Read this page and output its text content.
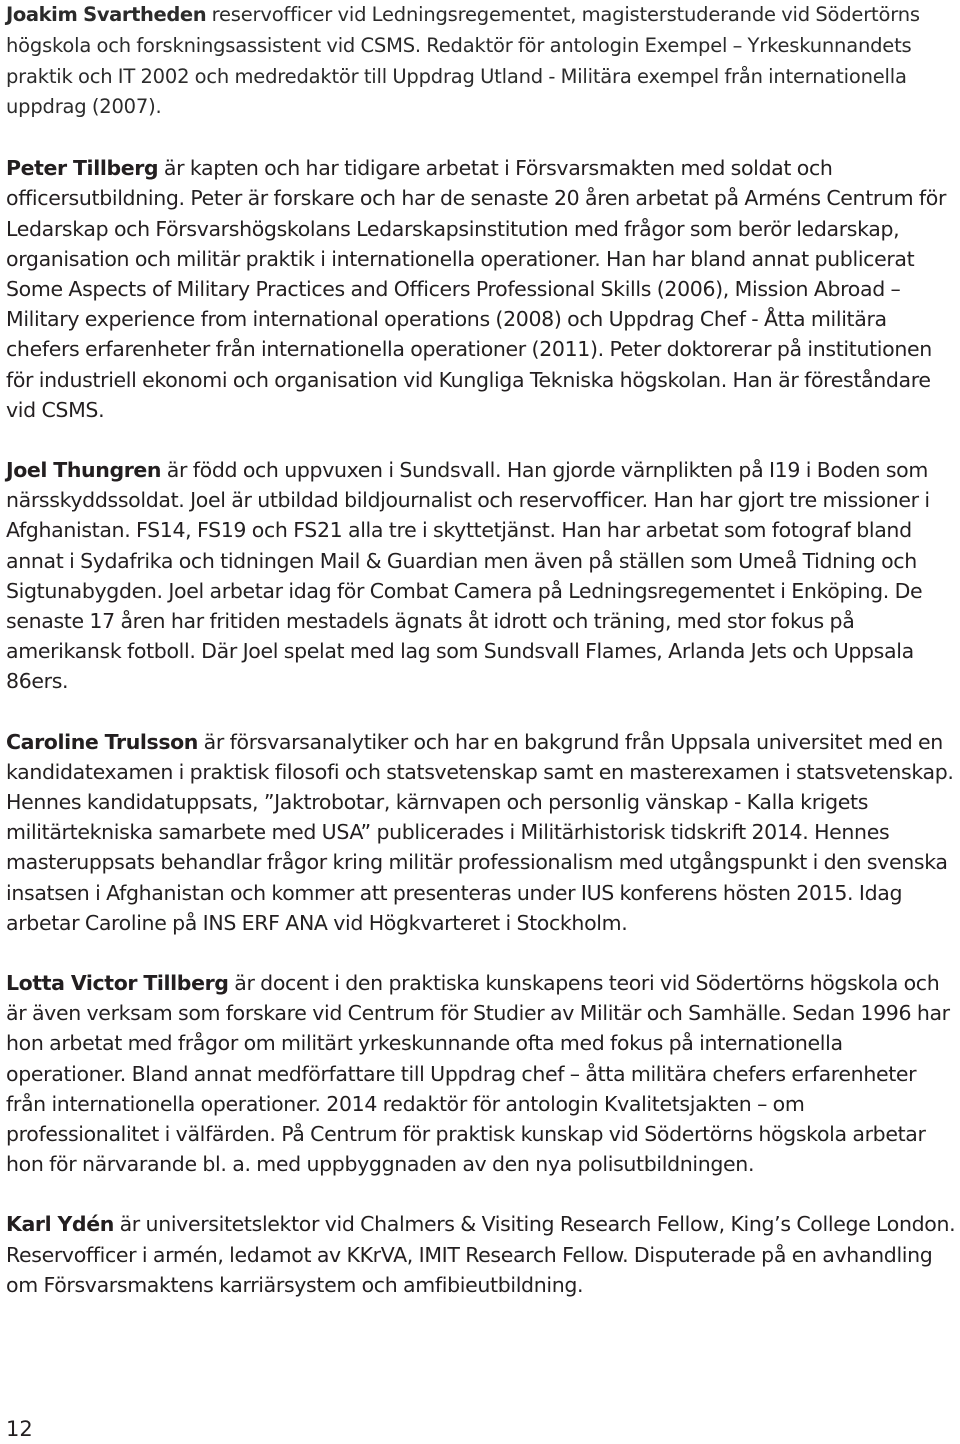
Joakim Svartheden reservofficer vid Ledningsregementet, magisterstuderande vid Södertörns högskola och forskningsassistent vid CSMS. Redaktör för antologin Exempel – Yrkeskunnandets praktik och IT 2002 och medredaktör till Uppdrag Utland - Militära exempel från internationella uppdrag (2007).

Peter Tillberg är kapten och har tidigare arbetat i Försvarsmakten med soldat och officersutbildning. Peter är forskare och har de senaste 20 åren arbetat på Arméns Centrum för Ledarskap och Försvarshögskolans Ledarskapsinstitution med frågor som berör ledarskap, organisation och militär praktik i internationella operationer. Han har bland annat publicerat Some Aspects of Military Practices and Officers Professional Skills (2006), Mission Abroad – Military experience from international operations (2008) och Uppdrag Chef - Åtta militära chefers erfarenheter från internationella operationer (2011). Peter doktorerar på institutionen för industriell ekonomi och organisation vid Kungliga Tekniska högskolan. Han är föreståndare vid CSMS.

Joel Thungren är född och uppvuxen i Sundsvall. Han gjorde värnplikten på I19 i Boden som närsskyddssoldat. Joel är utbildad bildjournalist och reservofficer. Han har gjort tre missioner i Afghanistan. FS14, FS19 och FS21 alla tre i skyttetjänst. Han har arbetat som fotograf bland annat i Sydafrika och tidningen Mail & Guardian men även på ställen som Umeå Tidning och Sigtunabygden. Joel arbetar idag för Combat Camera på Ledningsregementet i Enköping. De senaste 17 åren har fritiden mestadels ägnats åt idrott och träning, med stor fokus på amerikansk fotboll. Där Joel spelat med lag som Sundsvall Flames, Arlanda Jets och Uppsala 86ers.

Caroline Trulsson är försvarsanalytiker och har en bakgrund från Uppsala universitet med en kandidatexamen i praktisk filosofi och statsvetenskap samt en masterexamen i statsvetenskap. Hennes kandidatuppsats, ”Jaktrobotar, kärnvapen och personlig vänskap - Kalla krigets militärtekniska samarbete med USA” publicerades i Militärhistorisk tidskrift 2014. Hennes masteruppsats behandlar frågor kring militär professionalism med utgångspunkt i den svenska insatsen i Afghanistan och kommer att presenteras under IUS konferens hösten 2015. Idag arbetar Caroline på INS ERF ANA vid Högkvarteret i Stockholm.

Lotta Victor Tillberg är docent i den praktiska kunskapens teori vid Södertörns högskola och är även verksam som forskare vid Centrum för Studier av Militär och Samhälle. Sedan 1996 har hon arbetat med frågor om militärt yrkeskunnande ofta med fokus på internationella operationer. Bland annat medförfattare till Uppdrag chef – åtta militära chefers erfarenheter från internationella operationer. 2014 redaktör för antologin Kvalitetsjakten – om professionalitet i välfärden. På Centrum för praktisk kunskap vid Södertörns högskola arbetar hon för närvarande bl. a. med uppbyggnaden av den nya polisutbildningen.

Karl Ydén är universitetslektor vid Chalmers & Visiting Research Fellow, King’s College London. Reservofficer i armén, ledamot av KKrVA, IMIT Research Fellow. Disputerade på en avhandling om Försvarsmaktens karriärsystem och amfibieutbildning.

12
